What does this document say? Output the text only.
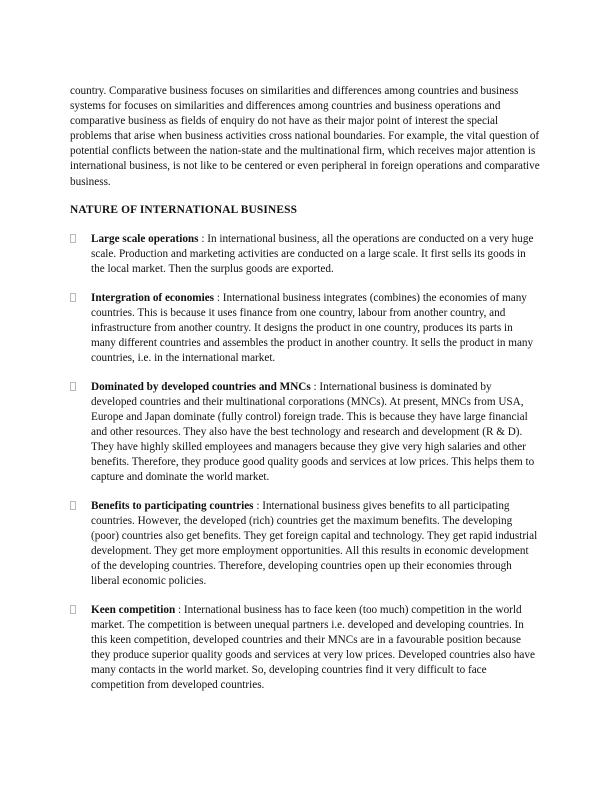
country. Comparative business focuses on similarities and differences among countries and business systems for focuses on similarities and differences among countries and business operations and comparative business as fields of enquiry do not have as their major point of interest the special problems that arise when business activities cross national boundaries. For example, the vital question of potential conflicts between the nation-state and the multinational firm, which receives major attention is international business, is not like to be centered or even peripheral in foreign operations and comparative business.

NATURE OF INTERNATIONAL BUSINESS

Large scale operations : In international business, all the operations are conducted on a very huge scale. Production and marketing activities are conducted on a large scale. It first sells its goods in the local market. Then the surplus goods are exported.

Intergration of economies : International business integrates (combines) the economies of many countries. This is because it uses finance from one country, labour from another country, and infrastructure from another country. It designs the product in one country, produces its parts in many different countries and assembles the product in another country. It sells the product in many countries, i.e. in the international market.

Dominated by developed countries and MNCs : International business is dominated by developed countries and their multinational corporations (MNCs). At present, MNCs from USA, Europe and Japan dominate (fully control) foreign trade. This is because they have large financial and other resources. They also have the best technology and research and development (R & D). They have highly skilled employees and managers because they give very high salaries and other benefits. Therefore, they produce good quality goods and services at low prices. This helps them to capture and dominate the world market.

Benefits to participating countries : International business gives benefits to all participating countries. However, the developed (rich) countries get the maximum benefits. The developing (poor) countries also get benefits. They get foreign capital and technology. They get rapid industrial development. They get more employment opportunities. All this results in economic development of the developing countries. Therefore, developing countries open up their economies through liberal economic policies.

Keen competition : International business has to face keen (too much) competition in the world market. The competition is between unequal partners i.e. developed and developing countries. In this keen competition, developed countries and their MNCs are in a favourable position because they produce superior quality goods and services at very low prices. Developed countries also have many contacts in the world market. So, developing countries find it very difficult to face competition from developed countries.
